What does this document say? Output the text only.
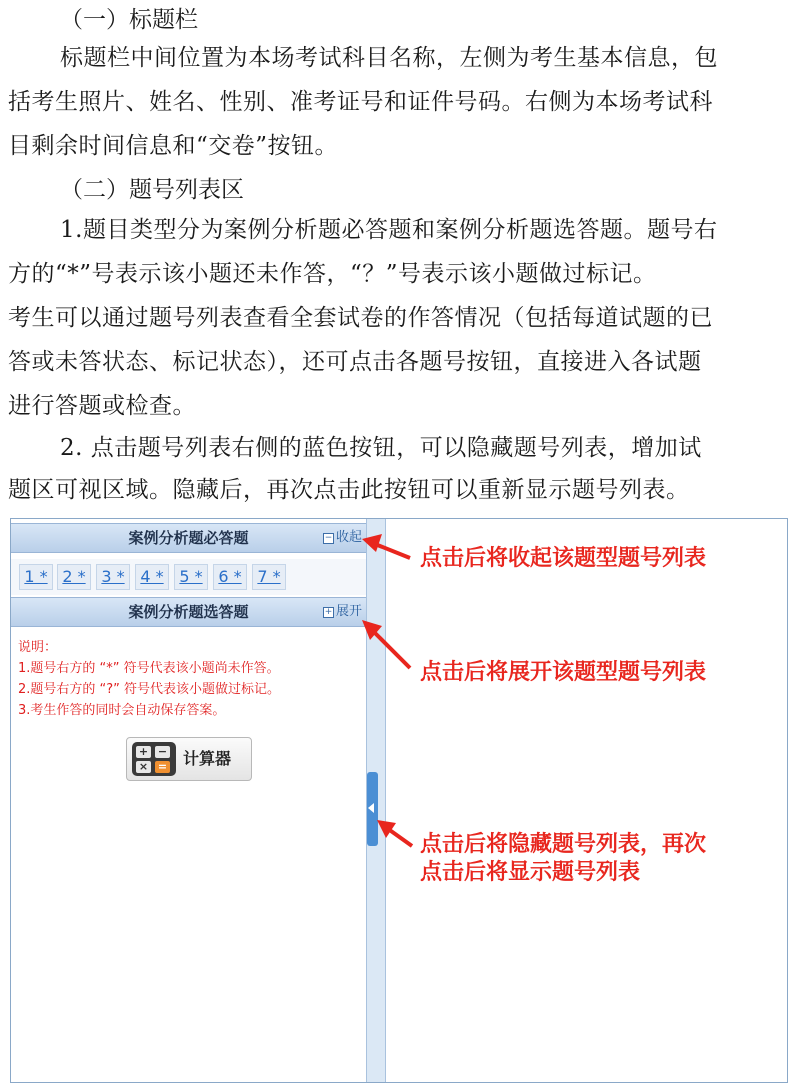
（一）标题栏

标题栏中间位置为本场考试科目名称，左侧为考生基本信息，包

括考生照片、姓名、性别、准考证号和证件号码。右侧为本场考试科

目剩余时间信息和“交卷”按钮。

（二）题号列表区

1.题目类型分为案例分析题必答题和案例分析题选答题。题号右

方的“*”号表示该小题还未作答，“？”号表示该小题做过标记。

考生可以通过题号列表查看全套试卷的作答情况（包括每道试题的已

答或未答状态、标记状态），还可点击各题号按钮，直接进入各试题

进行答题或检查。

2. 点击题号列表右侧的蓝色按钮，可以隐藏题号列表，增加试

题区可视区域。隐藏后，再次点击此按钮可以重新显示题号列表。

案例分析题必答题	− 收起
1 * 2 * 3 * 4 * 5 * 6 * 7 *
案例分析题选答题	+ 展开
说明：
1.题号右方的 “*” 符号代表该小题尚未作答。
2.题号右方的 “?” 符号代表该小题做过标记。
3.考生作答的同时会自动保存答案。
+ −
× = 计算器
点击后将收起该题型题号列表
点击后将展开该题型题号列表
点击后将隐藏题号列表，再次
点击后将显示题号列表
